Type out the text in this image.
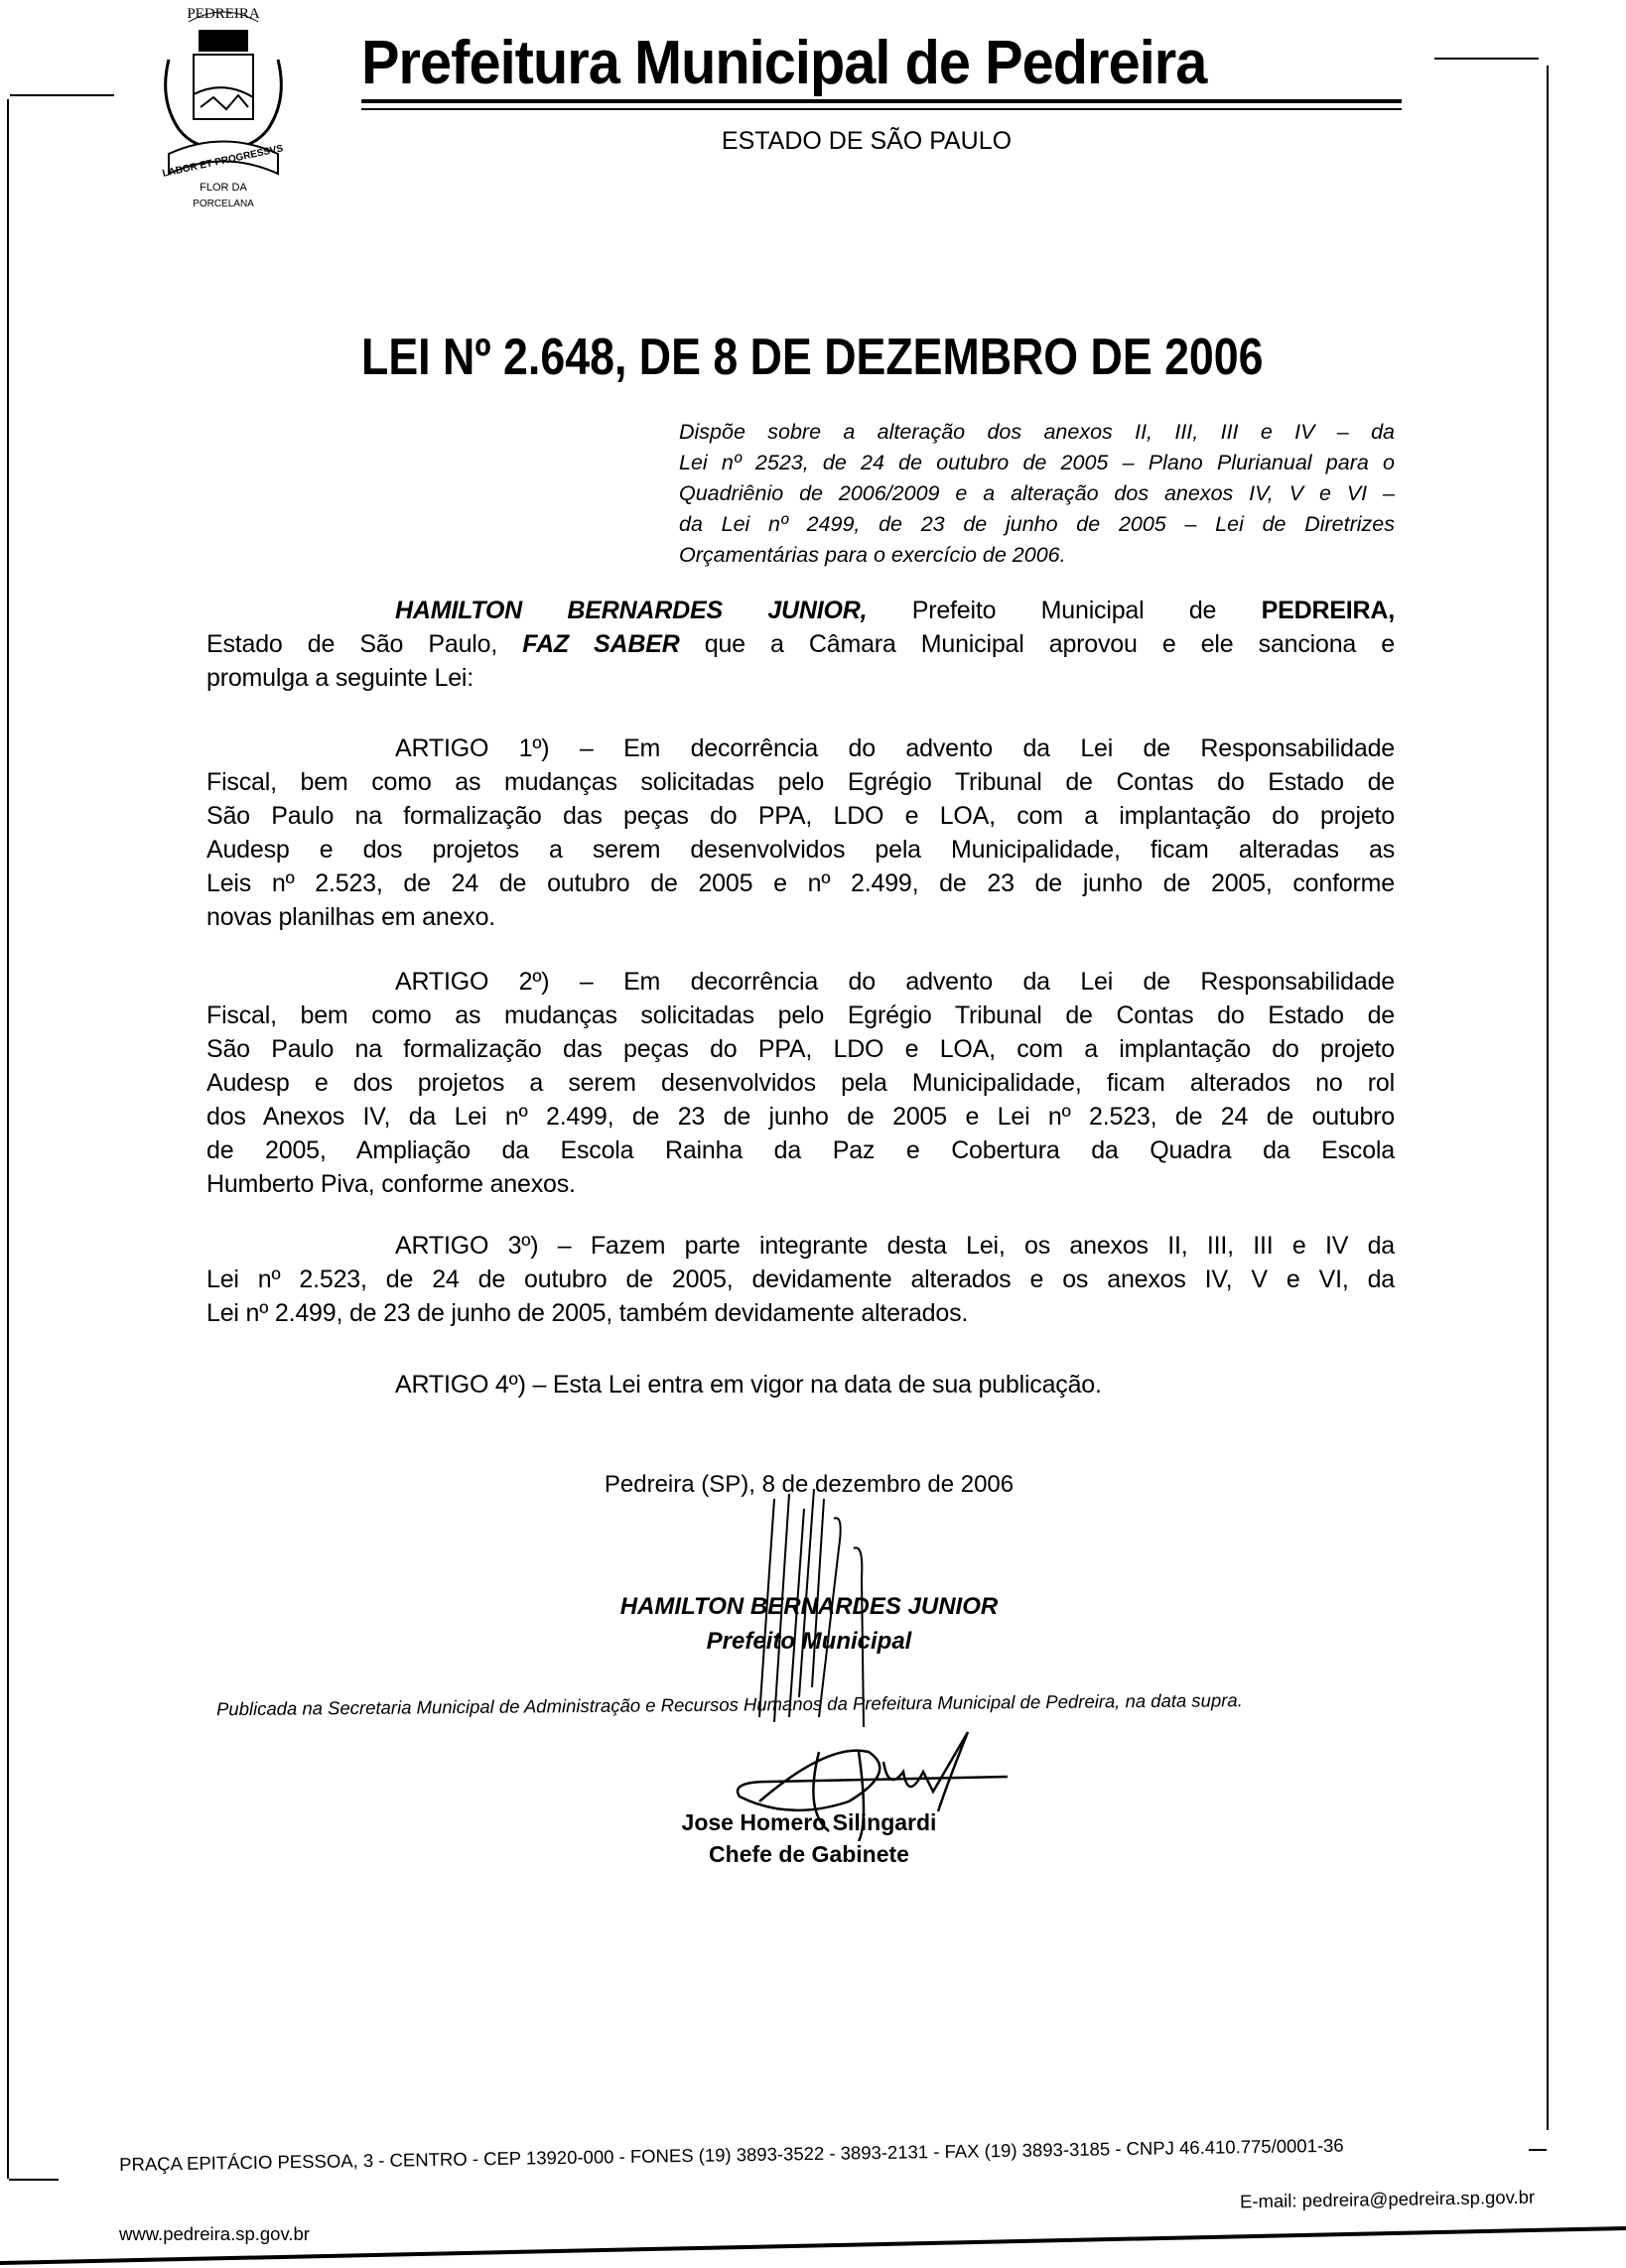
PEDREIRA
LABOR ET PROGRESSVS
FLOR DA
PORCELANA
Prefeitura Municipal de Pedreira
ESTADO DE SÃO PAULO
LEI Nº 2.648, DE 8 DE DEZEMBRO DE 2006
Dispõe sobre a alteração dos anexos II, III, III e IV – da
Lei nº 2523, de 24 de outubro de 2005 – Plano Plurianual para o
Quadriênio de 2006/2009 e a alteração dos anexos IV, V e VI –
da Lei nº 2499, de 23 de junho de 2005 – Lei de Diretrizes
Orçamentárias para o exercício de 2006.
HAMILTON BERNARDES JUNIOR, Prefeito Municipal de PEDREIRA,
Estado de São Paulo, FAZ SABER que a Câmara Municipal aprovou e ele sanciona e
promulga a seguinte Lei:
ARTIGO 1º) – Em decorrência do advento da Lei de Responsabilidade
Fiscal, bem como as mudanças solicitadas pelo Egrégio Tribunal de Contas do Estado de
São Paulo na formalização das peças do PPA, LDO e LOA, com a implantação do projeto
Audesp e dos projetos a serem desenvolvidos pela Municipalidade, ficam alteradas as
Leis nº 2.523, de 24 de outubro de 2005 e nº 2.499, de 23 de junho de 2005, conforme
novas planilhas em anexo.
ARTIGO 2º) – Em decorrência do advento da Lei de Responsabilidade
Fiscal, bem como as mudanças solicitadas pelo Egrégio Tribunal de Contas do Estado de
São Paulo na formalização das peças do PPA, LDO e LOA, com a implantação do projeto
Audesp e dos projetos a serem desenvolvidos pela Municipalidade, ficam alterados no rol
dos Anexos IV, da Lei nº 2.499, de 23 de junho de 2005 e Lei nº 2.523, de 24 de outubro
de 2005, Ampliação da Escola Rainha da Paz e Cobertura da Quadra da Escola
Humberto Piva, conforme anexos.
ARTIGO 3º) – Fazem parte integrante desta Lei, os anexos II, III, III e IV da
Lei nº 2.523, de 24 de outubro de 2005, devidamente alterados e os anexos IV, V e VI, da
Lei nº 2.499, de 23 de junho de 2005, também devidamente alterados.
ARTIGO 4º) – Esta Lei entra em vigor na data de sua publicação.
Pedreira (SP), 8 de dezembro de 2006
HAMILTON BERNARDES JUNIOR
Prefeito Municipal
Publicada na Secretaria Municipal de Administração e Recursos Humanos da Prefeitura Municipal de Pedreira, na data supra.
Jose Homero Silingardi
Chefe de Gabinete
PRAÇA EPITÁCIO PESSOA, 3 - CENTRO - CEP 13920-000 - FONES (19) 3893-3522 - 3893-2131 - FAX (19) 3893-3185 - CNPJ 46.410.775/0001-36
E-mail: pedreira@pedreira.sp.gov.br
www.pedreira.sp.gov.br
